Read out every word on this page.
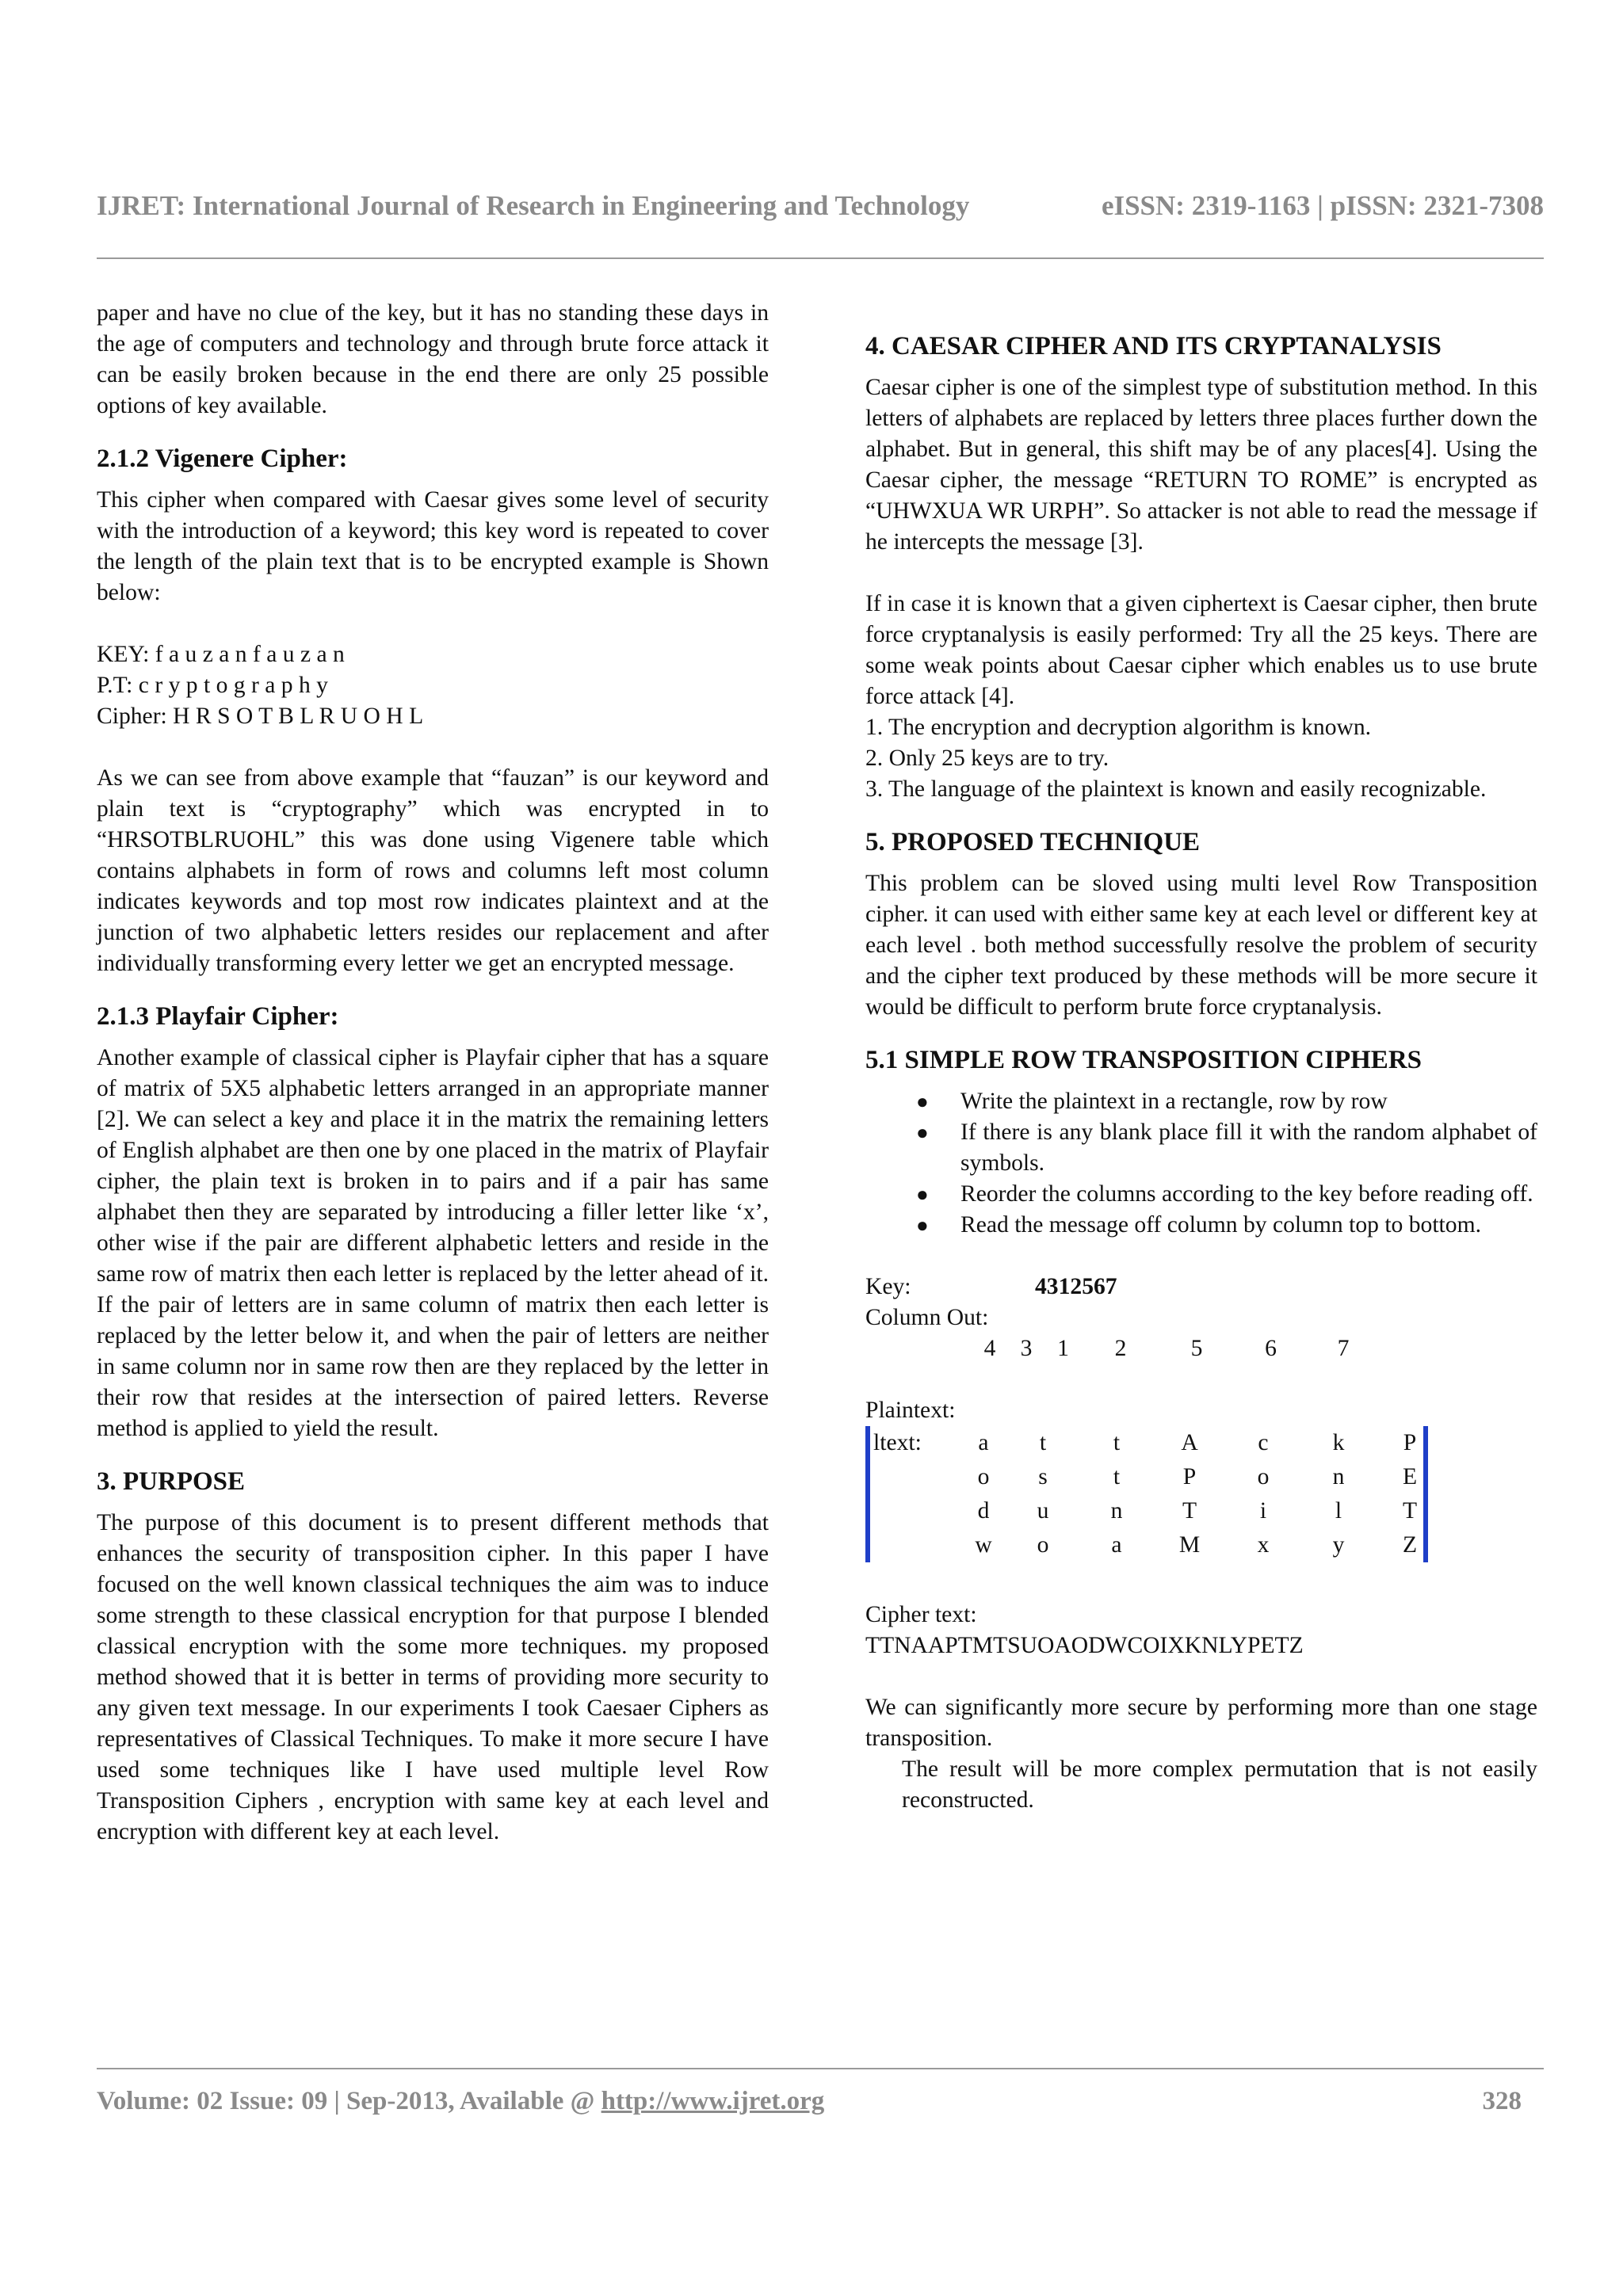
IJRET: International Journal of Research in Engineering and Technology	eISSN: 2319-1163 | pISSN: 2321-7308

paper and have no clue of the key, but it has no standing these days in the age of computers and technology and through brute force attack it can be easily broken because in the end there are only 25 possible options of key available.

2.1.2 Vigenere Cipher:

This cipher when compared with Caesar gives some level of security with the introduction of a keyword; this key word is repeated to cover the length of the plain text that is to be encrypted example is Shown below:

KEY: f a u z a n f a u z a n

P.T: c r y p t o g r a p h y

Cipher: H R S O T B L R U O H L

As we can see from above example that “fauzan” is our keyword and plain text is “cryptography” which was encrypted in to “HRSOTBLRUOHL” this was done using Vigenere table which contains alphabets in form of rows and columns left most column indicates keywords and top most row indicates plaintext and at the junction of two alphabetic letters resides our replacement and after individually transforming every letter we get an encrypted message.

2.1.3 Playfair Cipher:

Another example of classical cipher is Playfair cipher that has a square of matrix of 5X5 alphabetic letters arranged in an appropriate manner [2]. We can select a key and place it in the matrix the remaining letters of English alphabet are then one by one placed in the matrix of Playfair cipher, the plain text is broken in to pairs and if a pair has same alphabet then they are separated by introducing a filler letter like ‘x’, other wise if the pair are different alphabetic letters and reside in the same row of matrix then each letter is replaced by the letter ahead of it. If the pair of letters are in same column of matrix then each letter is replaced by the letter below it, and when the pair of letters are neither in same column nor in same row then are they replaced by the letter in their row that resides at the intersection of paired letters. Reverse method is applied to yield the result.

3. PURPOSE

The purpose of this document is to present different methods that enhances the security of transposition cipher. In this paper I have focused on the well known classical techniques the aim was to induce some strength to these classical encryption for that purpose I blended classical encryption with the some more techniques. my proposed method showed that it is better in terms of providing more security to any given text message. In our experiments I took Caesaer Ciphers as representatives of Classical Techniques. To make it more secure I have used some techniques like I have used multiple level Row Transposition Ciphers , encryption with same key at each level and encryption with different key at each level.

4. CAESAR CIPHER AND ITS CRYPTANALYSIS

Caesar cipher is one of the simplest type of substitution method. In this letters of alphabets are replaced by letters three places further down the alphabet. But in general, this shift may be of any places[4]. Using the Caesar cipher, the message “RETURN TO ROME” is encrypted as “UHWXUA WR URPH”. So attacker is not able to read the message if he intercepts the message [3].

If in case it is known that a given ciphertext is Caesar cipher, then brute force cryptanalysis is easily performed: Try all the 25 keys. There are some weak points about Caesar cipher which enables us to use brute force attack [4].

1. The encryption and decryption algorithm is known.

2. Only 25 keys are to try.

3. The language of the plaintext is known and easily recognizable.

5. PROPOSED TECHNIQUE

This problem can be sloved using multi level Row Transposition cipher. it can used with either same key at each level or different key at each level . both method successfully resolve the problem of security and the cipher text produced by these methods will be more secure it would be difficult to perform brute force cryptanalysis.

5.1 SIMPLE ROW TRANSPOSITION CIPHERS
● Write the plaintext in a rectangle, row by row
● If there is any blank place fill it with the random alphabet of symbols.
● Reorder the columns according to the key before reading off.
● Read the message off column by column top to bottom.
Key:	4312567
Column Out:
4	3	1	2	5	6	7
Plaintext:
ltext:	a	t	t	A	c	k	P
o	s	t	P	o	n	E
d	u	n	T	i	l	T
w	o	a	M	x	y	Z

Cipher text:

TTNAAPTMTSUOAODWCOIXKNLYPETZ

We can significantly more secure by performing more than one stage transposition.

The result will be more complex permutation that is not easily reconstructed.

Volume: 02 Issue: 09 | Sep-2013, Available @ http://www.ijret.org	328
